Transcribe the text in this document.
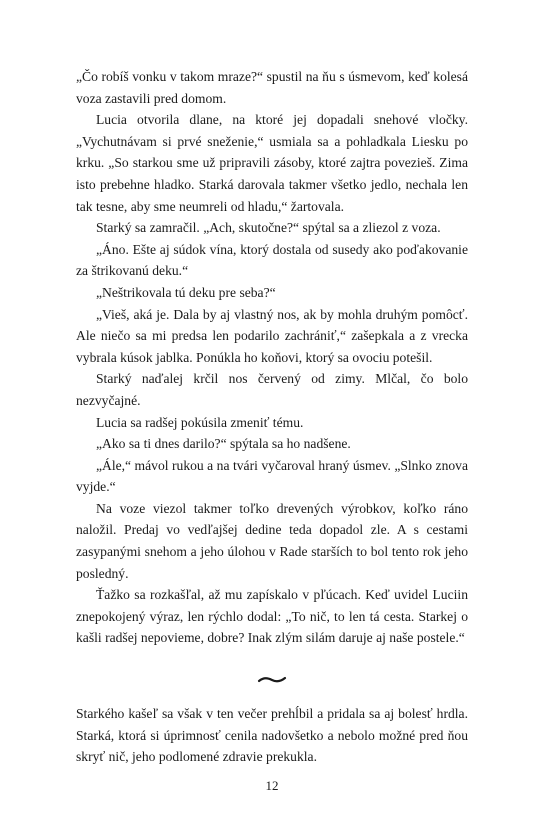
„Čo robíš vonku v takom mraze?“ spustil na ňu s úsmevom, keď kolesá voza zastavili pred domom.

Lucia otvorila dlane, na ktoré jej dopadali snehové vločky. „Vychutnávam si prvé sneženie,“ usmiala sa a pohladkala Liesku po krku. „So starkou sme už pripravili zásoby, ktoré zajtra povezieš. Zima isto prebehne hladko. Starká darovala takmer všetko jedlo, nechala len tak tesne, aby sme neumreli od hladu,“ žartovala.

Starký sa zamračil. „Ach, skutočne?“ spýtal sa a zliezol z voza.

„Áno. Ešte aj súdok vína, ktorý dostala od susedy ako poďakovanie za štrikovanú deku.“

„Neštrikovala tú deku pre seba?“

„Vieš, aká je. Dala by aj vlastný nos, ak by mohla druhým pomôcť. Ale niečo sa mi predsa len podarilo zachrániť,“ zašepkala a z vrecka vybrala kúsok jablka. Ponúkla ho koňovi, ktorý sa ovociu potešil.

Starký naďalej krčil nos červený od zimy. Mlčal, čo bolo nezvyčajné.

Lucia sa radšej pokúsila zmeniť tému.

„Ako sa ti dnes darilo?“ spýtala sa ho nadšene.

„Ále,“ mávol rukou a na tvári vyčaroval hraný úsmev. „Slnko znova vyjde.“

Na voze viezol takmer toľko drevených výrobkov, koľko ráno naložil. Predaj vo vedľajšej dedine teda dopadol zle. A s cestami zasypanými snehom a jeho úlohou v Rade starších to bol tento rok jeho posledný.

Ťažko sa rozkašľal, až mu zapískalo v pľúcach. Keď uvidel Luciin znepokojený výraz, len rýchlo dodal: „To nič, to len tá cesta. Starkej o kašli radšej nepovieme, dobre? Inak zlým silám daruje aj naše postele.“

Starkého kašeľ sa však v ten večer prehĺbil a pridala sa aj bolesť hrdla. Starká, ktorá si úprimnosť cenila nadovšetko a nebolo možné pred ňou skryť nič, jeho podlomené zdravie prekukla.

12
